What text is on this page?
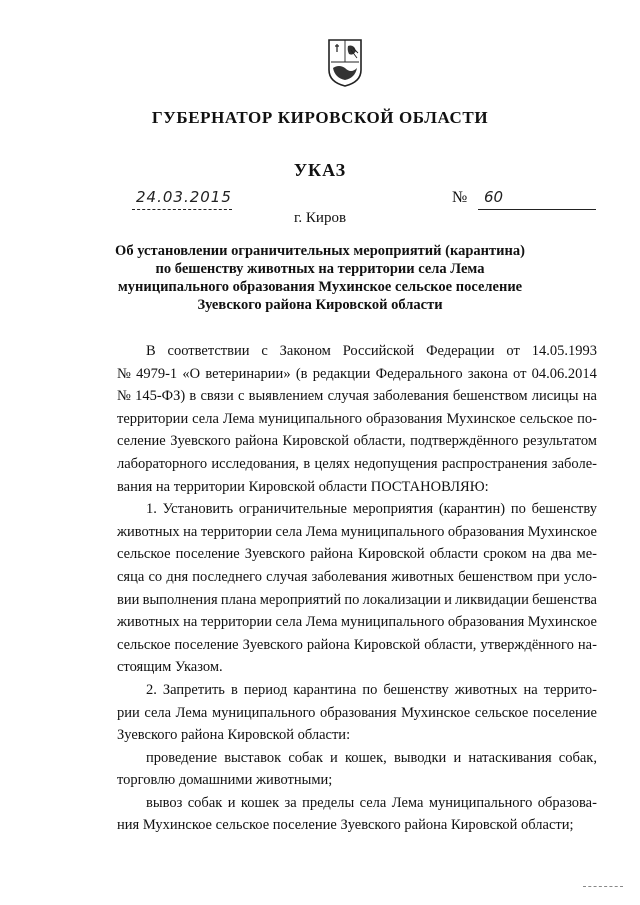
ГУБЕРНАТОР КИРОВСКОЙ ОБЛАСТИ
УКАЗ
24.03.2015	№ 60
г. Киров
Об установлении ограничительных мероприятий (карантина)
по бешенству животных на территории села Лема
муниципального образования Мухинское сельское поселение
Зуевского района Кировской области
В соответствии с Законом Российской Федерации от 14.05.1993
№ 4979-1 «О ветеринарии» (в редакции Федерального закона от 04.06.2014
№ 145-ФЗ) в связи с выявлением случая заболевания бешенством лисицы на
территории села Лема муниципального образования Мухинское сельское по-
селение Зуевского района Кировской области, подтверждённого результатом
лабораторного исследования, в целях недопущения распространения заболе-
вания на территории Кировской области ПОСТАНОВЛЯЮ:
1. Установить ограничительные мероприятия (карантин) по бешенству
животных на территории села Лема муниципального образования Мухинское
сельское поселение Зуевского района Кировской области сроком на два ме-
сяца со дня последнего случая заболевания животных бешенством при усло-
вии выполнения плана мероприятий по локализации и ликвидации бешенства
животных на территории села Лема муниципального образования Мухинское
сельское поселение Зуевского района Кировской области, утверждённого на-
стоящим Указом.
2. Запретить в период карантина по бешенству животных на террито-
рии села Лема муниципального образования Мухинское сельское поселение
Зуевского района Кировской области:
проведение выставок собак и кошек, выводки и натаскивания собак,
торговлю домашними животными;
вывоз собак и кошек за пределы села Лема муниципального образова-
ния Мухинское сельское поселение Зуевского района Кировской области;
